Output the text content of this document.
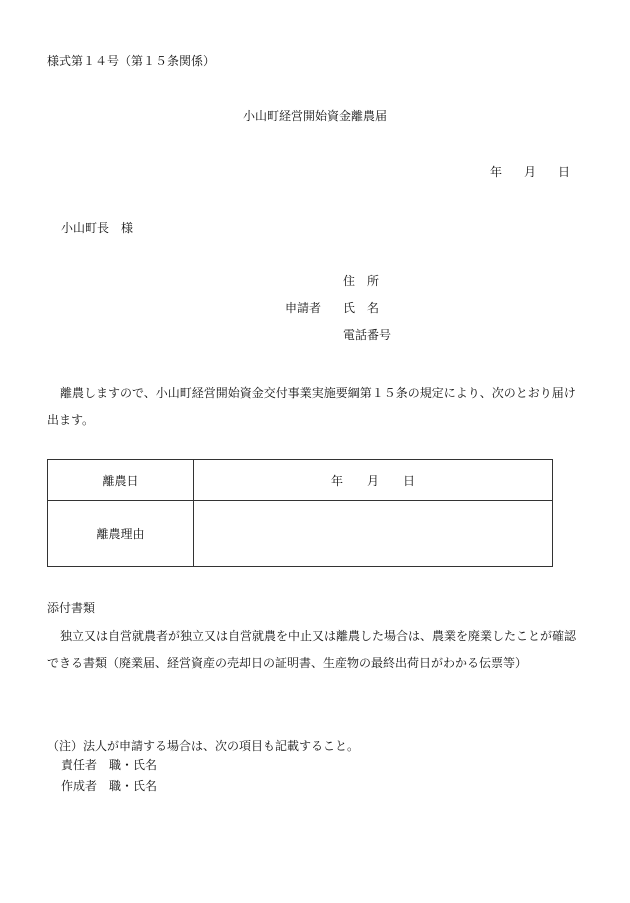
様式第１４号（第１５条関係）
小山町経営開始資金離農届
年 月 日
小山町長 様
住　所
申請者 氏　名
電話番号
離農しますので、小山町経営開始資金交付事業実施要綱第１５条の規定により、次のとおり届け出ます。
離農日	年 月 日
離農理由	
添付書類
独立又は自営就農者が独立又は自営就農を中止又は離農した場合は、農業を廃業したことが確認できる書類（廃業届、経営資産の売却日の証明書、生産物の最終出荷日がわかる伝票等）
（注）法人が申請する場合は、次の項目も記載すること。
責任者 職・氏名
作成者 職・氏名
